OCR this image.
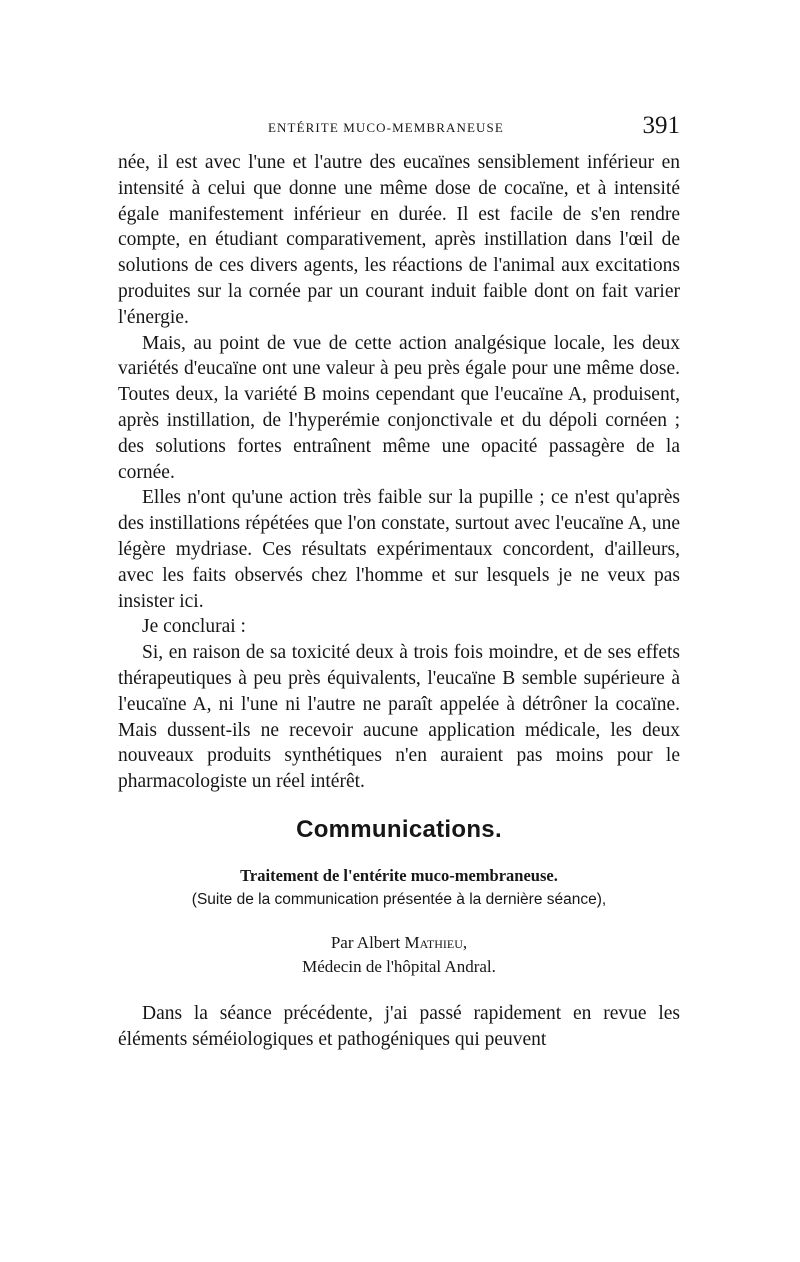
ENTÉRITE MUCO-MEMBRANEUSE	391

née, il est avec l'une et l'autre des eucaïnes sensiblement inférieur en intensité à celui que donne une même dose de cocaïne, et à intensité égale manifestement inférieur en durée. Il est facile de s'en rendre compte, en étudiant comparativement, après instillation dans l'œil de solutions de ces divers agents, les réactions de l'animal aux excitations produites sur la cornée par un courant induit faible dont on fait varier l'énergie.

Mais, au point de vue de cette action analgésique locale, les deux variétés d'eucaïne ont une valeur à peu près égale pour une même dose. Toutes deux, la variété B moins cependant que l'eucaïne A, produisent, après instillation, de l'hyperémie conjonctivale et du dépoli cornéen ; des solutions fortes entraînent même une opacité passagère de la cornée.

Elles n'ont qu'une action très faible sur la pupille ; ce n'est qu'après des instillations répétées que l'on constate, surtout avec l'eucaïne A, une légère mydriase. Ces résultats expérimentaux concordent, d'ailleurs, avec les faits observés chez l'homme et sur lesquels je ne veux pas insister ici.

Je conclurai :

Si, en raison de sa toxicité deux à trois fois moindre, et de ses effets thérapeutiques à peu près équivalents, l'eucaïne B semble supérieure à l'eucaïne A, ni l'une ni l'autre ne paraît appelée à détrôner la cocaïne. Mais dussent-ils ne recevoir aucune application médicale, les deux nouveaux produits synthétiques n'en auraient pas moins pour le pharmacologiste un réel intérêt.

Communications.
Traitement de l'entérite muco-membraneuse.

(Suite de la communication présentée à la dernière séance),

Par Albert Mathieu,

Médecin de l'hôpital Andral.

Dans la séance précédente, j'ai passé rapidement en revue les éléments séméiologiques et pathogéniques qui peuvent
